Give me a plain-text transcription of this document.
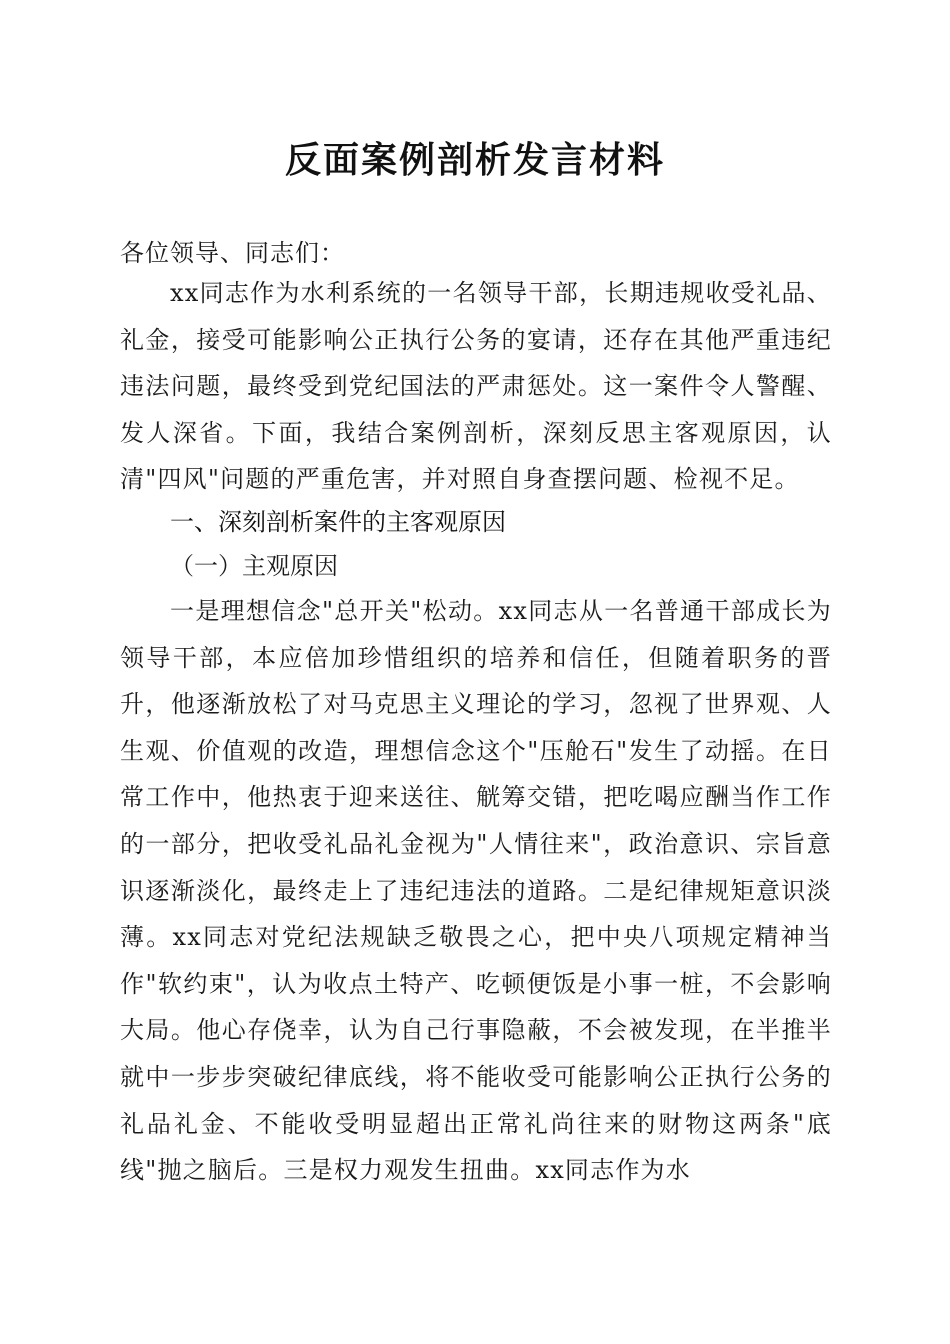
反面案例剖析发言材料
各位领导、同志们：

xx同志作为水利系统的一名领导干部，长期违规收受礼品、礼金，接受可能影响公正执行公务的宴请，还存在其他严重违纪违法问题，最终受到党纪国法的严肃惩处。这一案件令人警醒、发人深省。下面，我结合案例剖析，深刻反思主客观原因，认清"四风"问题的严重危害，并对照自身查摆问题、检视不足。

一、深刻剖析案件的主客观原因
（一）主观原因

一是理想信念"总开关"松动。xx同志从一名普通干部成长为领导干部，本应倍加珍惜组织的培养和信任，但随着职务的晋升，他逐渐放松了对马克思主义理论的学习，忽视了世界观、人生观、价值观的改造，理想信念这个"压舱石"发生了动摇。在日常工作中，他热衷于迎来送往、觥筹交错，把吃喝应酬当作工作的一部分，把收受礼品礼金视为"人情往来"，政治意识、宗旨意识逐渐淡化，最终走上了违纪违法的道路。二是纪律规矩意识淡薄。xx同志对党纪法规缺乏敬畏之心，把中央八项规定精神当作"软约束"，认为收点土特产、吃顿便饭是小事一桩，不会影响大局。他心存侥幸，认为自己行事隐蔽，不会被发现，在半推半就中一步步突破纪律底线，将不能收受可能影响公正执行公务的礼品礼金、不能收受明显超出正常礼尚往来的财物这两条"底线"抛之脑后。三是权力观发生扭曲。xx同志作为水
